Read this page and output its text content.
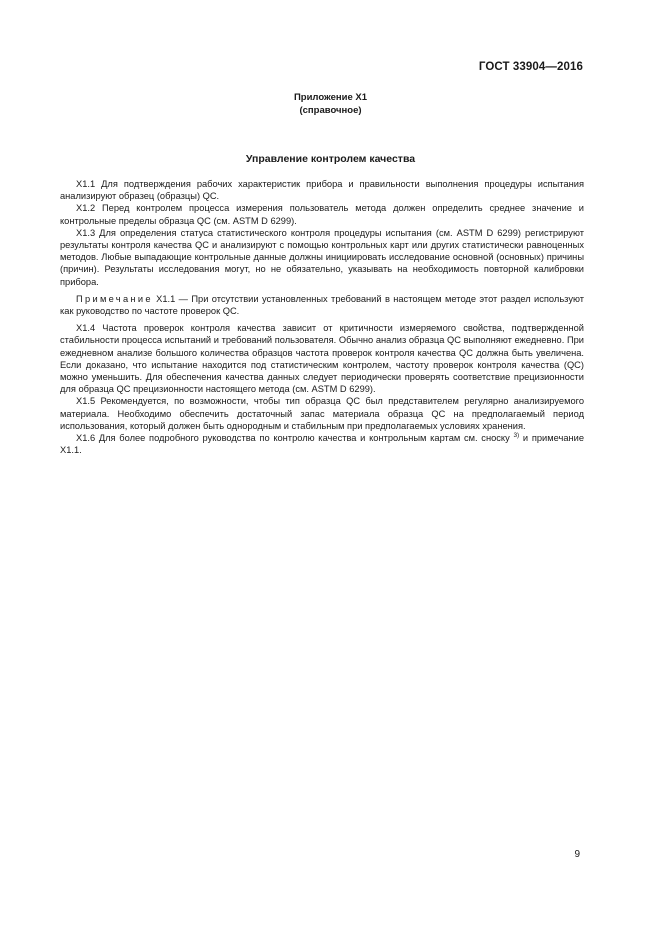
ГОСТ 33904—2016
Приложение X1
(справочное)
Управление контролем качества

X1.1 Для подтверждения рабочих характеристик прибора и правильности выполнения процедуры испытания анализируют образец (образцы) QC.

X1.2 Перед контролем процесса измерения пользователь метода должен определить среднее значение и контрольные пределы образца QC (см. ASTM D 6299).

X1.3 Для определения статуса статистического контроля процедуры испытания (см. ASTM D 6299) регистрируют результаты контроля качества QC и анализируют с помощью контрольных карт или других статистически равноценных методов. Любые выпадающие контрольные данные должны инициировать исследование основной (основных) причины (причин). Результаты исследования могут, но не обязательно, указывать на необходимость повторной калибровки прибора.

Примечание X1.1 — При отсутствии установленных требований в настоящем методе этот раздел используют как руководство по частоте проверок QC.

X1.4 Частота проверок контроля качества зависит от критичности измеряемого свойства, подтвержденной стабильности процесса испытаний и требований пользователя. Обычно анализ образца QC выполняют ежедневно. При ежедневном анализе большого количества образцов частота проверок контроля качества QC должна быть увеличена. Если доказано, что испытание находится под статистическим контролем, частоту проверок контроля качества (QC) можно уменьшить. Для обеспечения качества данных следует периодически проверять соответствие прецизионности для образца QC прецизионности настоящего метода (см. ASTM D 6299).

X1.5 Рекомендуется, по возможности, чтобы тип образца QC был представителем регулярно анализируемого материала. Необходимо обеспечить достаточный запас материала образца QC на предполагаемый период использования, который должен быть однородным и стабильным при предполагаемых условиях хранения.

X1.6 Для более подробного руководства по контролю качества и контрольным картам см. сноску $^{3)}$ и примечание X1.1.

9
